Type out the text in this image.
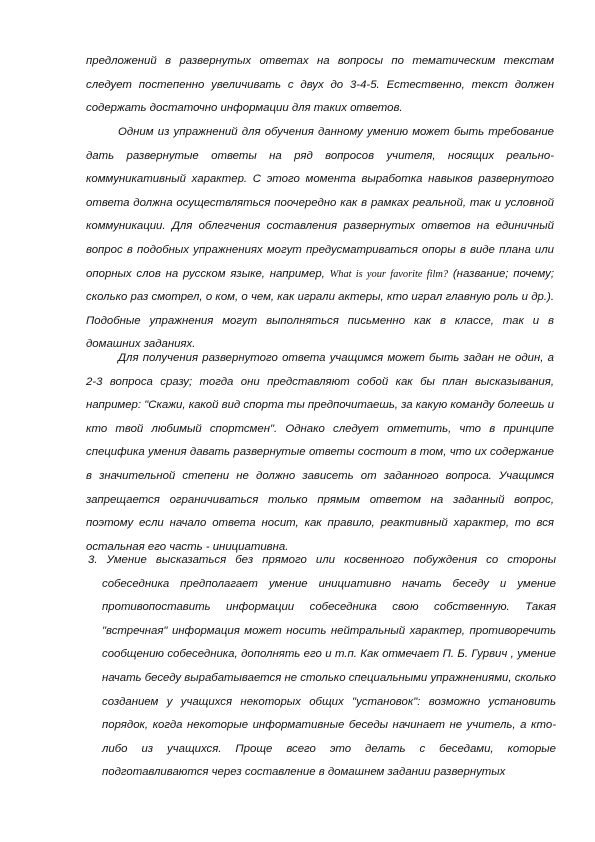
предложений в развернутых ответах на вопросы по тематическим текстам следует постепенно увеличивать с двух до 3-4-5. Естественно, текст должен содержать достаточно информации для таких ответов.

Одним из упражнений для обучения данному умению может быть требование дать развернутые ответы на ряд вопросов учителя, носящих реально-коммуникативный характер. С этого момента выработка навыков развернутого ответа должна осуществляться поочередно как в рамках реальной, так и условной коммуникации. Для облегчения составления развернутых ответов на единичный вопрос в подобных упражнениях могут предусматриваться опоры в виде плана или опорных слов на русском языке, например, What is your favorite film? (название; почему; сколько раз смотрел, о ком, о чем, как играли актеры, кто играл главную роль и др.). Подобные упражнения могут выполняться письменно как в классе, так и в домашних заданиях.

Для получения развернутого ответа учащимся может быть задан не один, а 2-3 вопроса сразу; тогда они представляют собой как бы план высказывания, например: "Скажи, какой вид спорта ты предпочитаешь, за какую команду болеешь и кто твой любимый спортсмен". Однако следует отметить, что в принципе специфика умения давать развернутые ответы состоит в том, что их содержание в значительной степени не должно зависеть от заданного вопроса. Учащимся запрещается ограничиваться только прямым ответом на заданный вопрос, поэтому если начало ответа носит, как правило, реактивный характер, то вся остальная его часть - инициативна.

3. Умение высказаться без прямого или косвенного побуждения со стороны собеседника предполагает умение инициативно начать беседу и умение противопоставить информации собеседника свою собственную. Такая "встречная" информация может носить нейтральный характер, противоречить сообщению собеседника, дополнять его и т.п. Как отмечает П. Б. Гурвич , умение начать беседу вырабатывается не столько специальными упражнениями, сколько созданием у учащихся некоторых общих "установок": возможно установить порядок, когда некоторые информативные беседы начинает не учитель, а кто-либо из учащихся. Проще всего это делать с беседами, которые подготавливаются через составление в домашнем задании развернутых
